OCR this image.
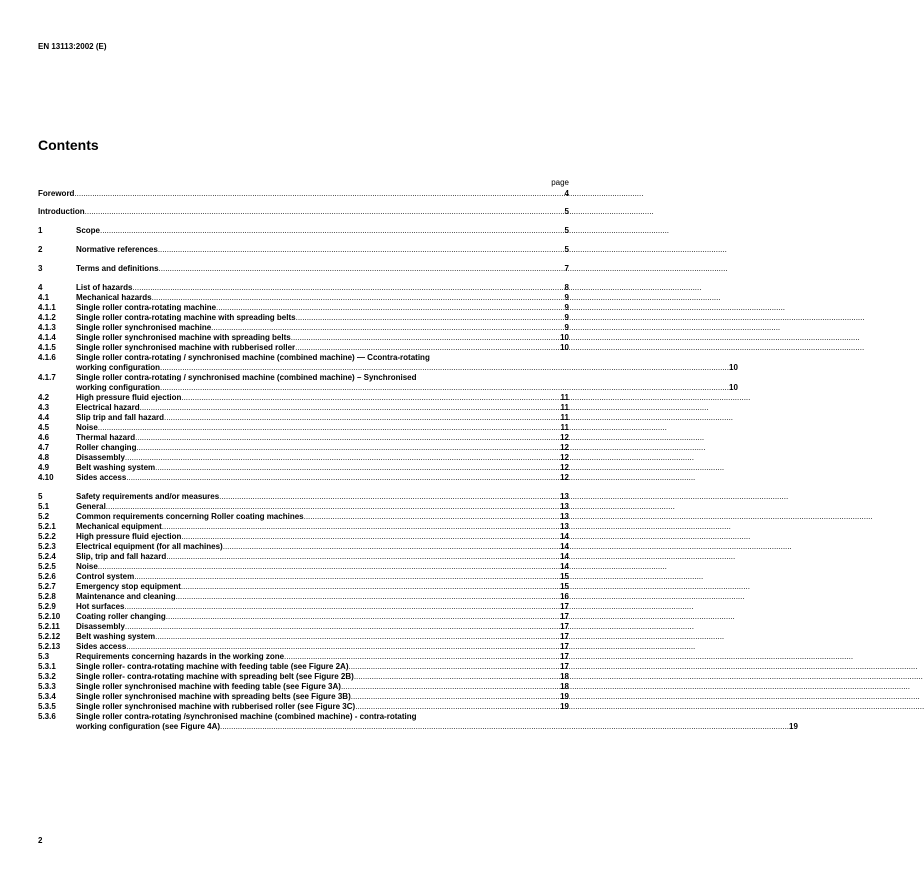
EN 13113:2002 (E)
Contents
page
Foreword .....	4
Introduction .....	5
1	Scope .....	5
2	Normative references .....	5
3	Terms and definitions .....	7
4	List of hazards .....	8
4.1	Mechanical hazards .....	9
4.1.1	Single roller contra-rotating machine .....	9
4.1.2	Single roller contra-rotating machine with spreading belts .....	9
4.1.3	Single roller synchronised machine .....	9
4.1.4	Single roller synchronised machine with spreading belts .....	10
4.1.5	Single roller synchronised machine with rubberised roller .....	10
4.1.6	Single roller contra-rotating / synchronised machine (combined machine) — Ccontra-rotating
working configuration .....	10
4.1.7	Single roller contra-rotating / synchronised machine (combined machine) – Synchronised
working configuration .....	10
4.2	High pressure fluid ejection .....	11
4.3	Electrical hazard .....	11
4.4	Slip trip and fall hazard .....	11
4.5	Noise .....	11
4.6	Thermal hazard .....	12
4.7	Roller changing .....	12
4.8	Disassembly .....	12
4.9	Belt washing system .....	12
4.10	Sides access .....	12
5	Safety requirements and/or measures .....	13
5.1	General .....	13
5.2	Common requirements concerning Roller coating machines .....	13
5.2.1	Mechanical equipment .....	13
5.2.2	High pressure fluid ejection .....	14
5.2.3	Electrical equipment (for all machines) .....	14
5.2.4	Slip, trip and fall hazard .....	14
5.2.5	Noise .....	14
5.2.6	Control system .....	15
5.2.7	Emergency stop equipment .....	15
5.2.8	Maintenance and cleaning .....	16
5.2.9	Hot surfaces .....	17
5.2.10	Coating roller changing .....	17
5.2.11	Disassembly .....	17
5.2.12	Belt washing system .....	17
5.2.13	Sides access .....	17
5.3	Requirements concerning hazards in the working zone .....	17
5.3.1	Single roller- contra-rotating machine with feeding table (see Figure 2A) .....	17
5.3.2	Single roller- contra-rotating machine with spreading belt (see Figure 2B) .....	18
5.3.3	Single roller synchronised machine with feeding table (see Figure 3A) .....	18
5.3.4	Single roller synchronised machine with spreading belts (see Figure 3B) .....	19
5.3.5	Single roller synchronised machine with rubberised roller (see Figure 3C) .....	19
5.3.6	Single roller contra-rotating /synchronised machine (combined machine) - contra-rotating
working configuration (see Figure 4A) .....	19
2
